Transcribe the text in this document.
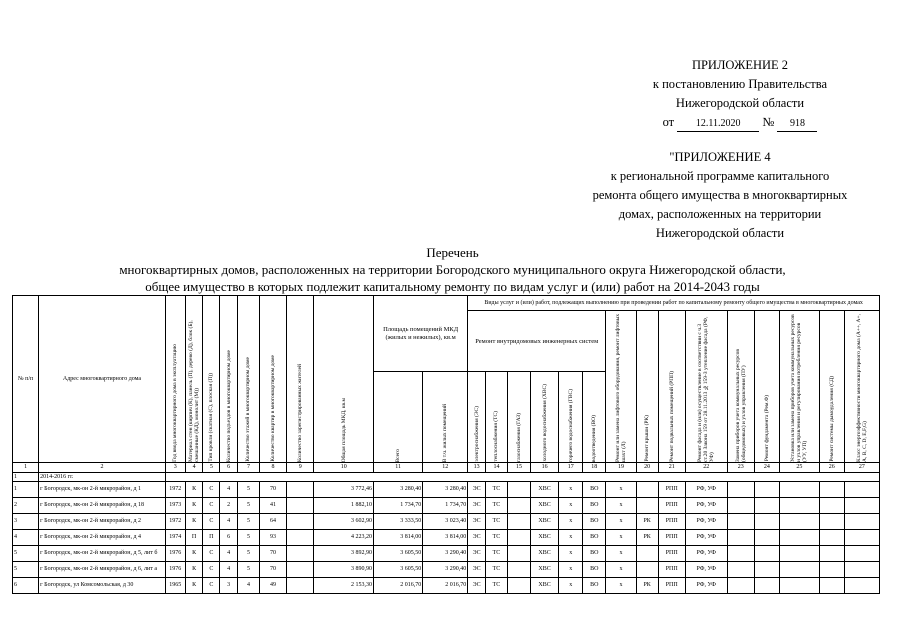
ПРИЛОЖЕНИЕ 2
к постановлению Правительства
Нижегородской области
от 12.11.2020 № 918
"ПРИЛОЖЕНИЕ 4
к региональной программе капитального
ремонта общего имущества в многоквартирных
домах, расположенных на территории
Нижегородской области
Перечень
многоквартирных домов, расположенных на территории Богородского муниципального округа Нижегородской области,
общее имущество в которых подлежит капитальному ремонту по видам услуг и (или) работ на 2014-2043 годы
№ п/п	Адрес многоквартирного дома	Год ввода многоквартирного дома в эксплуатацию	Материал стен (кирпич (К), панель (П), дерево (Д), блок (Б), смешанные (КД), монолит (М))	Тип кровли (скатная (С), плоская (П))	Количество подъездов в многоквартирном доме	Количество этажей в многоквартирном доме	Количество квартир в многоквартирном доме	Количество зарегистрированных жителей	Общая площадь МКД, кв.м	Площадь помещений МКД (жилых и нежилых), кв.м		Виды услуг и (или) работ, подлежащих выполнению при проведении работ по капитальному ремонту общего имущества в многоквартирных домах														
												Ремонт внутридомовых инженерных систем						Ремонт или замена лифтового оборудования, ремонт лифтовых шахт (Л)	Ремонт крыши (РК)	Ремонт подвальных помещений (РПП)	Ремонт фасада и (или) осуществление в соответствии с ч.3 ст.20 Закона 159 от 28.11.2013 №159-З утепление фасада (РФ, УФ)	Замена приборов учета коммунальных ресурсов (общедомовых) и узлов управления (ПУ)	Ремонт фундамента (Рем.Ф)	Установка или замена приборов учета коммунальных ресурсов и узлов управления и регулирования потребления ресурсов (УУ, УП)	Ремонт системы дымоудаления (СД)	Класс энергоэффективности многоквартирного дома (A++, A+, A, B, C, D, E,F,G)

										Всего	В т.ч. жилых помещений	электроснабжения (ЭС)	теплоснабжения (ТС)	газоснабжения (ГАЗ)	холодного водоснабжения (ХВС)	горячего водоснабжения (ГВС)	водоотведения (ВО)									

1	2	3	4	5	6	7	8	9	10	11	12	13	14	15	16	17	18	19	20	21	22	23	24	25	26	27
1	2014-2016 гг.																									
1	г Богородск, мк-он 2-й микрорайон, д 1	1972	К	С	4	5	70		3 772,46	3 280,40	3 280,40	ЭС	ТС		ХВС	х	ВО	х		РПП	РФ, УФ					
2	г Богородск, мк-он 2-й микрорайон, д 18	1973	К	С	2	5	41		1 882,10	1 734,70	1 734,70	ЭС	ТС		ХВС	х	ВО	х		РПП	РФ, УФ					
3	г Богородск, мк-он 2-й микрорайон, д 2	1972	К	С	4	5	64		3 602,90	3 333,50	3 023,40	ЭС	ТС		ХВС	х	ВО	х	РК	РПП	РФ, УФ					
4	г Богородск, мк-он 2-й микрорайон, д 4	1974	П	П	6	5	93		4 223,20	3 814,00	3 814,00	ЭС	ТС		ХВС	х	ВО	х	РК	РПП	РФ, УФ					
5	г Богородск, мк-он 2-й микрорайон, д 5, лит б	1976	К	С	4	5	70		3 892,90	3 605,50	3 290,40	ЭС	ТС		ХВС	х	ВО	х		РПП	РФ, УФ					
5	г Богородск, мк-он 2-й микрорайон, д 6, лит а	1976	К	С	4	5	70		3 890,90	3 605,50	3 290,40	ЭС	ТС		ХВС	х	ВО	х		РПП	РФ, УФ					
6	г Богородск, ул Комсомольская, д 30	1965	К	С	3	4	49		2 153,30	2 016,70	2 016,70	ЭС	ТС		ХВС	х	ВО	х	РК	РПП	РФ, УФ					
